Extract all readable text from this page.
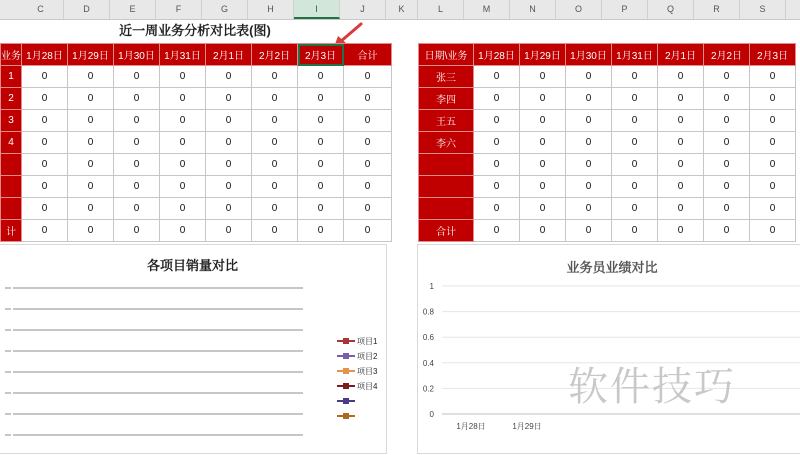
C	D	E	F	G	H	I	J	K	L	M	N	O	P	Q	R	S
近一周业务分析对比表(图)
业务	1月28日	1月29日	1月30日	1月31日	2月1日	2月2日	2月3日	合计
1	0	0	0	0	0	0	0	0
2	0	0	0	0	0	0	0	0
3	0	0	0	0	0	0	0	0
4	0	0	0	0	0	0	0	0
	0	0	0	0	0	0	0	0
	0	0	0	0	0	0	0	0
	0	0	0	0	0	0	0	0
计	0	0	0	0	0	0	0	0
日期\业务	1月28日	1月29日	1月30日	1月31日	2月1日	2月2日	2月3日
张三	0	0	0	0	0	0	0
李四	0	0	0	0	0	0	0
王五	0	0	0	0	0	0	0
李六	0	0	0	0	0	0	0
	0	0	0	0	0	0	0
	0	0	0	0	0	0	0
	0	0	0	0	0	0	0
合计	0	0	0	0	0	0	0
各项目销量对比
项目1
项目2
项目3
项目4
业务员业绩对比
0
0.2
0.4
0.6
0.8
1
1月28日	1月29日
软件技巧
